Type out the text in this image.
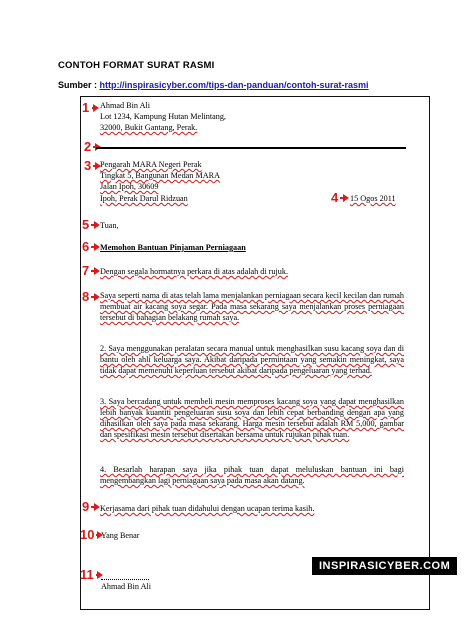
CONTOH FORMAT SURAT RASMI
Sumber : http://inspirasicyber.com/tips-dan-panduan/contoh-surat-rasmi
1 Ahmad Bin Ali
Lot 1234, Kampung Hutan Melintang,
32000, Bukit Gantang, Perak.
2
3 Pengarah MARA Negeri Perak
Tingkat 5, Bangunan Medan MARA
Jalan Ipoh, 30609
Ipoh, Perak Darul Ridzuan	4 15 Ogos 2011
5 Tuan,
6 Memohon Bantuan Pinjaman Perniagaan
7 Dengan segala hormatnya perkara di atas adalah di rujuk.
8 Saya seperti nama di atas telah lama menjalankan perniagaan secara kecil kecilan dan rumah membuat air kacang soya segar. Pada masa sekarang saya menjalankan proses perniagaan tersebut di bahagian belakang rumah saya.
2. Saya menggunakan peralatan secara manual untuk menghasilkan susu kacang soya dan di bantu oleh ahli keluarga saya. Akibat daripada permintaan yang semakin meningkat, saya tidak dapat memenuhi keperluan tersebut akibat daripada pengeluaran yang terhad.
3. Saya bercadang untuk membeli mesin memproses kacang soya yang dapat menghasilkan lebih banyak kuantiti pengeluaran susu soya dan lebih cepat berbanding dengan apa yang dihasilkan oleh saya pada masa sekarang. Harga mesin tersebut adalah RM 5,000, gambar dan spesifikasi mesin tersebut disertakan bersama untuk rujukan pihak tuan.
4. Besarlah harapan saya jika pihak tuan dapat meluluskan bantuan ini bagi mengembangkan lagi perniagaan saya pada masa akan datang.
9 Kerjasama dari pihak tuan didahului dengan ucapan terima kasih.
10 Yang Benar
11
Ahmad Bin Ali
INSPIRASICYBER.COM
